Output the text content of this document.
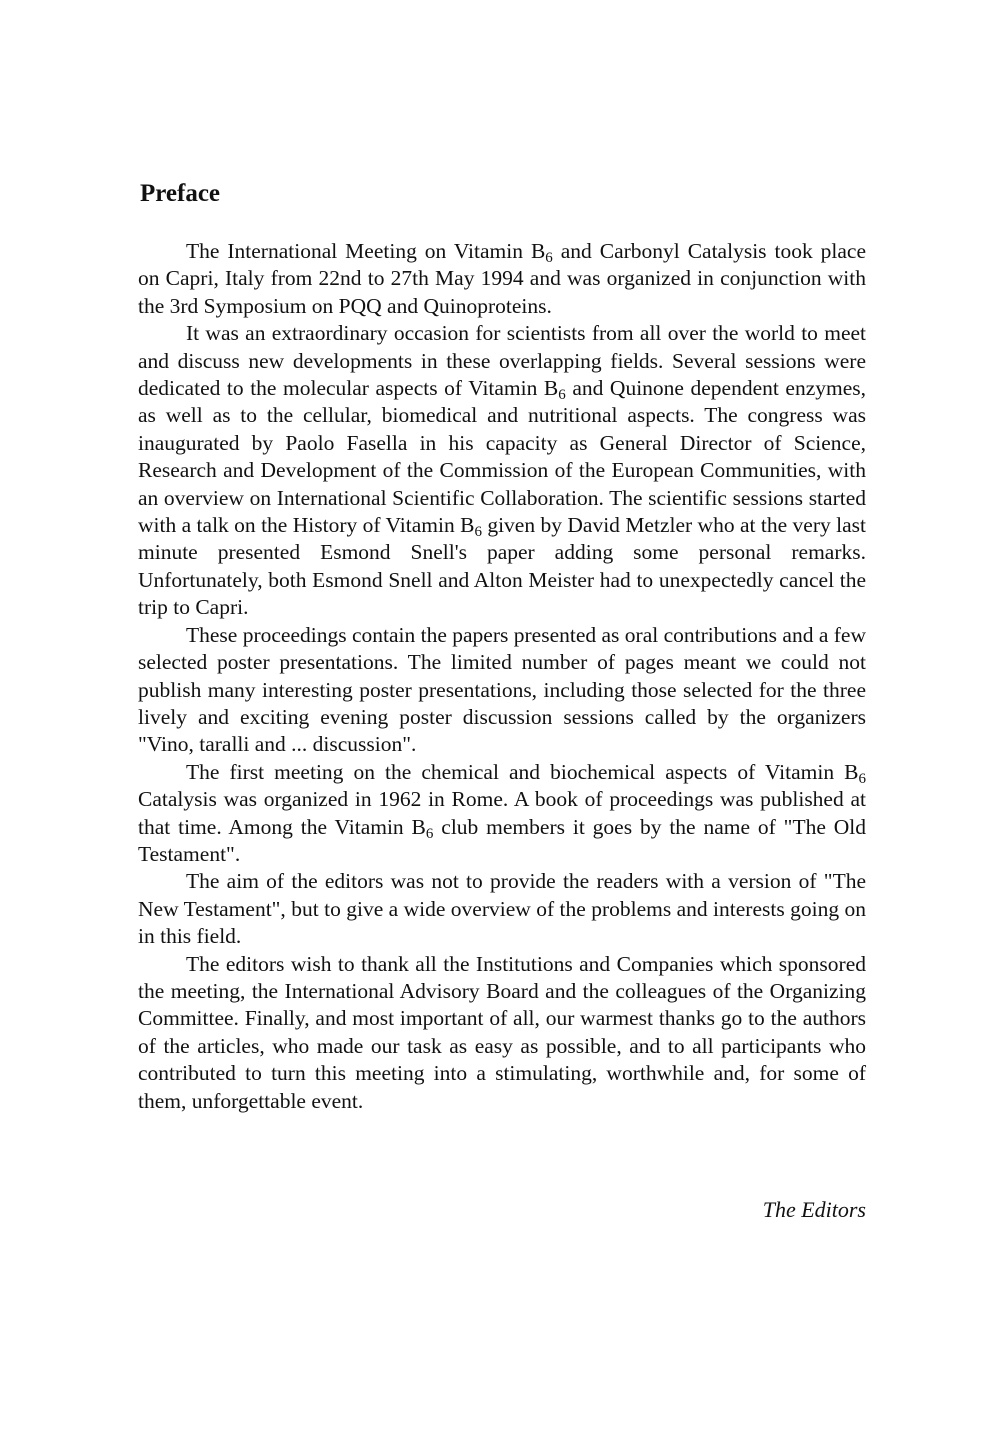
Preface

The International Meeting on Vitamin $B_6$ and Carbonyl Catalysis took place on Capri, Italy from 22nd to 27th May 1994 and was organized in conjunction with the 3rd Symposium on PQQ and Quinoproteins.

It was an extraordinary occasion for scientists from all over the world to meet and discuss new developments in these overlapping fields. Several sessions were dedicated to the molecular aspects of Vitamin $B_6$ and Quinone dependent enzymes, as well as to the cellular, biomedical and nutritional aspects. The congress was inaugurated by Paolo Fasella in his capacity as General Director of Science, Research and Development of the Commission of the European Communities, with an overview on International Scientific Collaboration. The scientific sessions started with a talk on the History of Vitamin $B_6$ given by David Metzler who at the very last minute presented Esmond Snell's paper adding some personal remarks. Unfortunately, both Esmond Snell and Alton Meister had to unexpectedly cancel the trip to Capri.

These proceedings contain the papers presented as oral contributions and a few selected poster presentations. The limited number of pages meant we could not publish many interesting poster presentations, including those selected for the three lively and exciting evening poster discussion sessions called by the organizers "Vino, taralli and ... discussion".

The first meeting on the chemical and biochemical aspects of Vitamin $B_6$ Catalysis was organized in 1962 in Rome. A book of proceedings was published at that time. Among the Vitamin $B_6$ club members it goes by the name of "The Old Testament".

The aim of the editors was not to provide the readers with a version of "The New Testament", but to give a wide overview of the problems and interests going on in this field.

The editors wish to thank all the Institutions and Companies which sponsored the meeting, the International Advisory Board and the colleagues of the Organizing Committee. Finally, and most important of all, our warmest thanks go to the authors of the articles, who made our task as easy as possible, and to all participants who contributed to turn this meeting into a stimulating, worthwhile and, for some of them, unforgettable event.

The Editors
